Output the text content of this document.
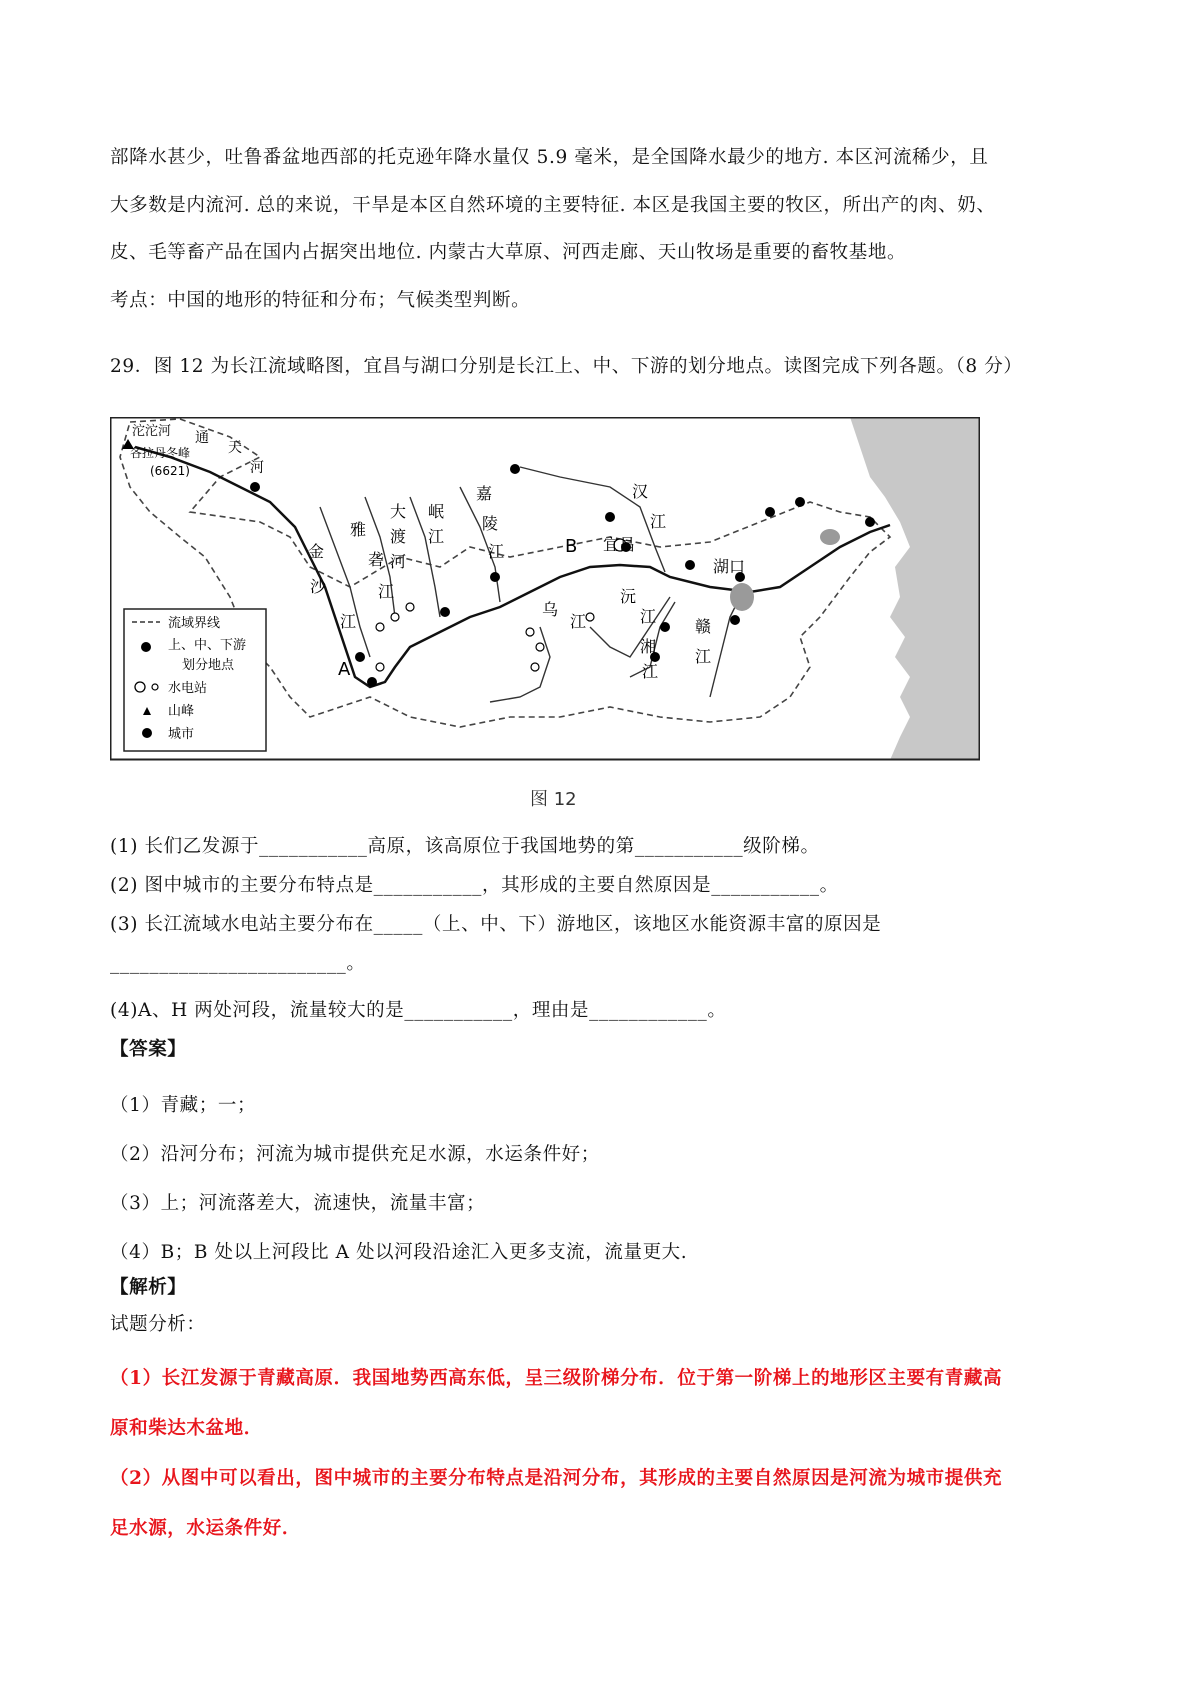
部降水甚少，吐鲁番盆地西部的托克逊年降水量仅 5.9 毫米，是全国降水最少的地方. 本区河流稀少，且
大多数是内流河. 总的来说，干旱是本区自然环境的主要特征. 本区是我国主要的牧区，所出产的肉、奶、
皮、毛等畜产品在国内占据突出地位. 内蒙古大草原、河西走廊、天山牧场是重要的畜牧基地。
考点：中国的地形的特征和分布；气候类型判断。
29．图 12 为长江流域略图，宜昌与湖口分别是长江上、中、下游的划分地点。读图完成下列各题。（8 分）
沱沱河 通
天
河
各拉丹冬峰
(6621)
金
沙
江
雅
砻
江
大
渡
河
岷
江
嘉
陵
江
汉
江
乌
江
沅
江
湘
江
赣
江
A
B 宜昌
湖口
流域界线
上、中、下游
划分地点
水电站
山峰
城市
图 12
(1) 长们乙发源于___________高原，该高原位于我国地势的第___________级阶梯。
(2) 图中城市的主要分布特点是___________，其形成的主要自然原因是___________。
(3) 长江流域水电站主要分布在_____（上、中、下）游地区，该地区水能资源丰富的原因是
________________________。
(4)A、H 两处河段，流量较大的是___________，理由是____________。
【答案】
（1）青藏；一；
（2）沿河分布；河流为城市提供充足水源，水运条件好；
（3）上；河流落差大，流速快，流量丰富；
（4）B；B 处以上河段比 A 处以河段沿途汇入更多支流，流量更大.
【解析】
试题分析：
（1）长江发源于青藏高原．我国地势西高东低，呈三级阶梯分布．位于第一阶梯上的地形区主要有青藏高
原和柴达木盆地．
（2）从图中可以看出，图中城市的主要分布特点是沿河分布，其形成的主要自然原因是河流为城市提供充
足水源，水运条件好．
